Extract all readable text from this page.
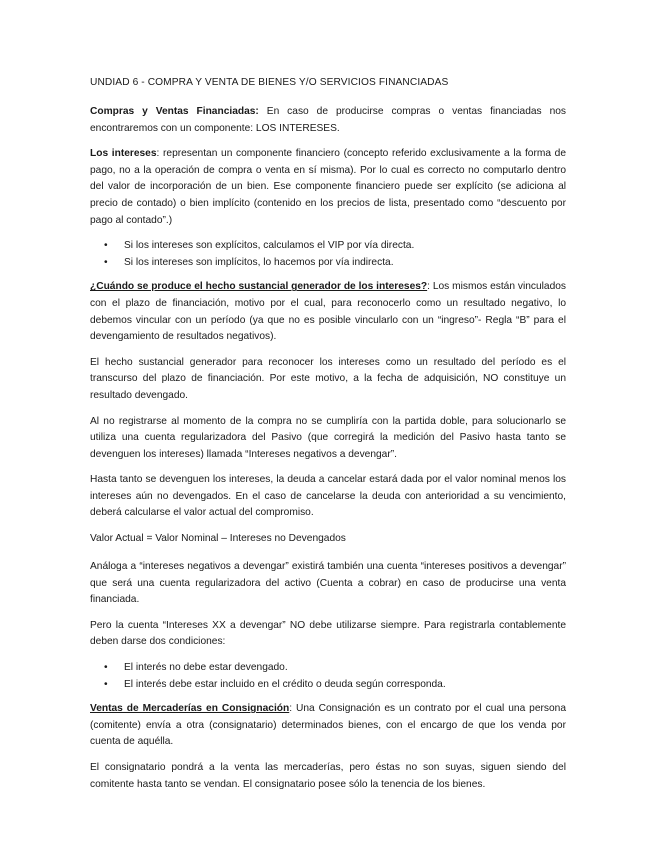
UNDIAD 6 - COMPRA Y VENTA DE BIENES Y/O SERVICIOS FINANCIADAS

Compras y Ventas Financiadas: En caso de producirse compras o ventas financiadas nos encontraremos con un componente: LOS INTERESES.

Los intereses: representan un componente financiero (concepto referido exclusivamente a la forma de pago, no a la operación de compra o venta en sí misma). Por lo cual es correcto no computarlo dentro del valor de incorporación de un bien. Ese componente financiero puede ser explícito (se adiciona al precio de contado) o bien implícito (contenido en los precios de lista, presentado como “descuento por pago al contado”.)

• Si los intereses son explícitos, calculamos el VIP por vía directa.
• Si los intereses son implícitos, lo hacemos por vía indirecta.

¿Cuándo se produce el hecho sustancial generador de los intereses?: Los mismos están vinculados con el plazo de financiación, motivo por el cual, para reconocerlo como un resultado negativo, lo debemos vincular con un período (ya que no es posible vincularlo con un “ingreso”- Regla “B” para el devengamiento de resultados negativos).

El hecho sustancial generador para reconocer los intereses como un resultado del período es el transcurso del plazo de financiación. Por este motivo, a la fecha de adquisición, NO constituye un resultado devengado.

Al no registrarse al momento de la compra no se cumpliría con la partida doble, para solucionarlo se utiliza una cuenta regularizadora del Pasivo (que corregirá la medición del Pasivo hasta tanto se devenguen los intereses) llamada “Intereses negativos a devengar”.

Hasta tanto se devenguen los intereses, la deuda a cancelar estará dada por el valor nominal menos los intereses aún no devengados. En el caso de cancelarse la deuda con anterioridad a su vencimiento, deberá calcularse el valor actual del compromiso.

Valor Actual = Valor Nominal – Intereses no Devengados

Análoga a “intereses negativos a devengar” existirá también una cuenta “intereses positivos a devengar” que será una cuenta regularizadora del activo (Cuenta a cobrar) en caso de producirse una venta financiada.

Pero la cuenta “Intereses XX a devengar” NO debe utilizarse siempre. Para registrarla contablemente deben darse dos condiciones:

• El interés no debe estar devengado.
• El interés debe estar incluido en el crédito o deuda según corresponda.

Ventas de Mercaderías en Consignación: Una Consignación es un contrato por el cual una persona (comitente) envía a otra (consignatario) determinados bienes, con el encargo de que los venda por cuenta de aquélla.

El consignatario pondrá a la venta las mercaderías, pero éstas no son suyas, siguen siendo del comitente hasta tanto se vendan. El consignatario posee sólo la tenencia de los bienes.
